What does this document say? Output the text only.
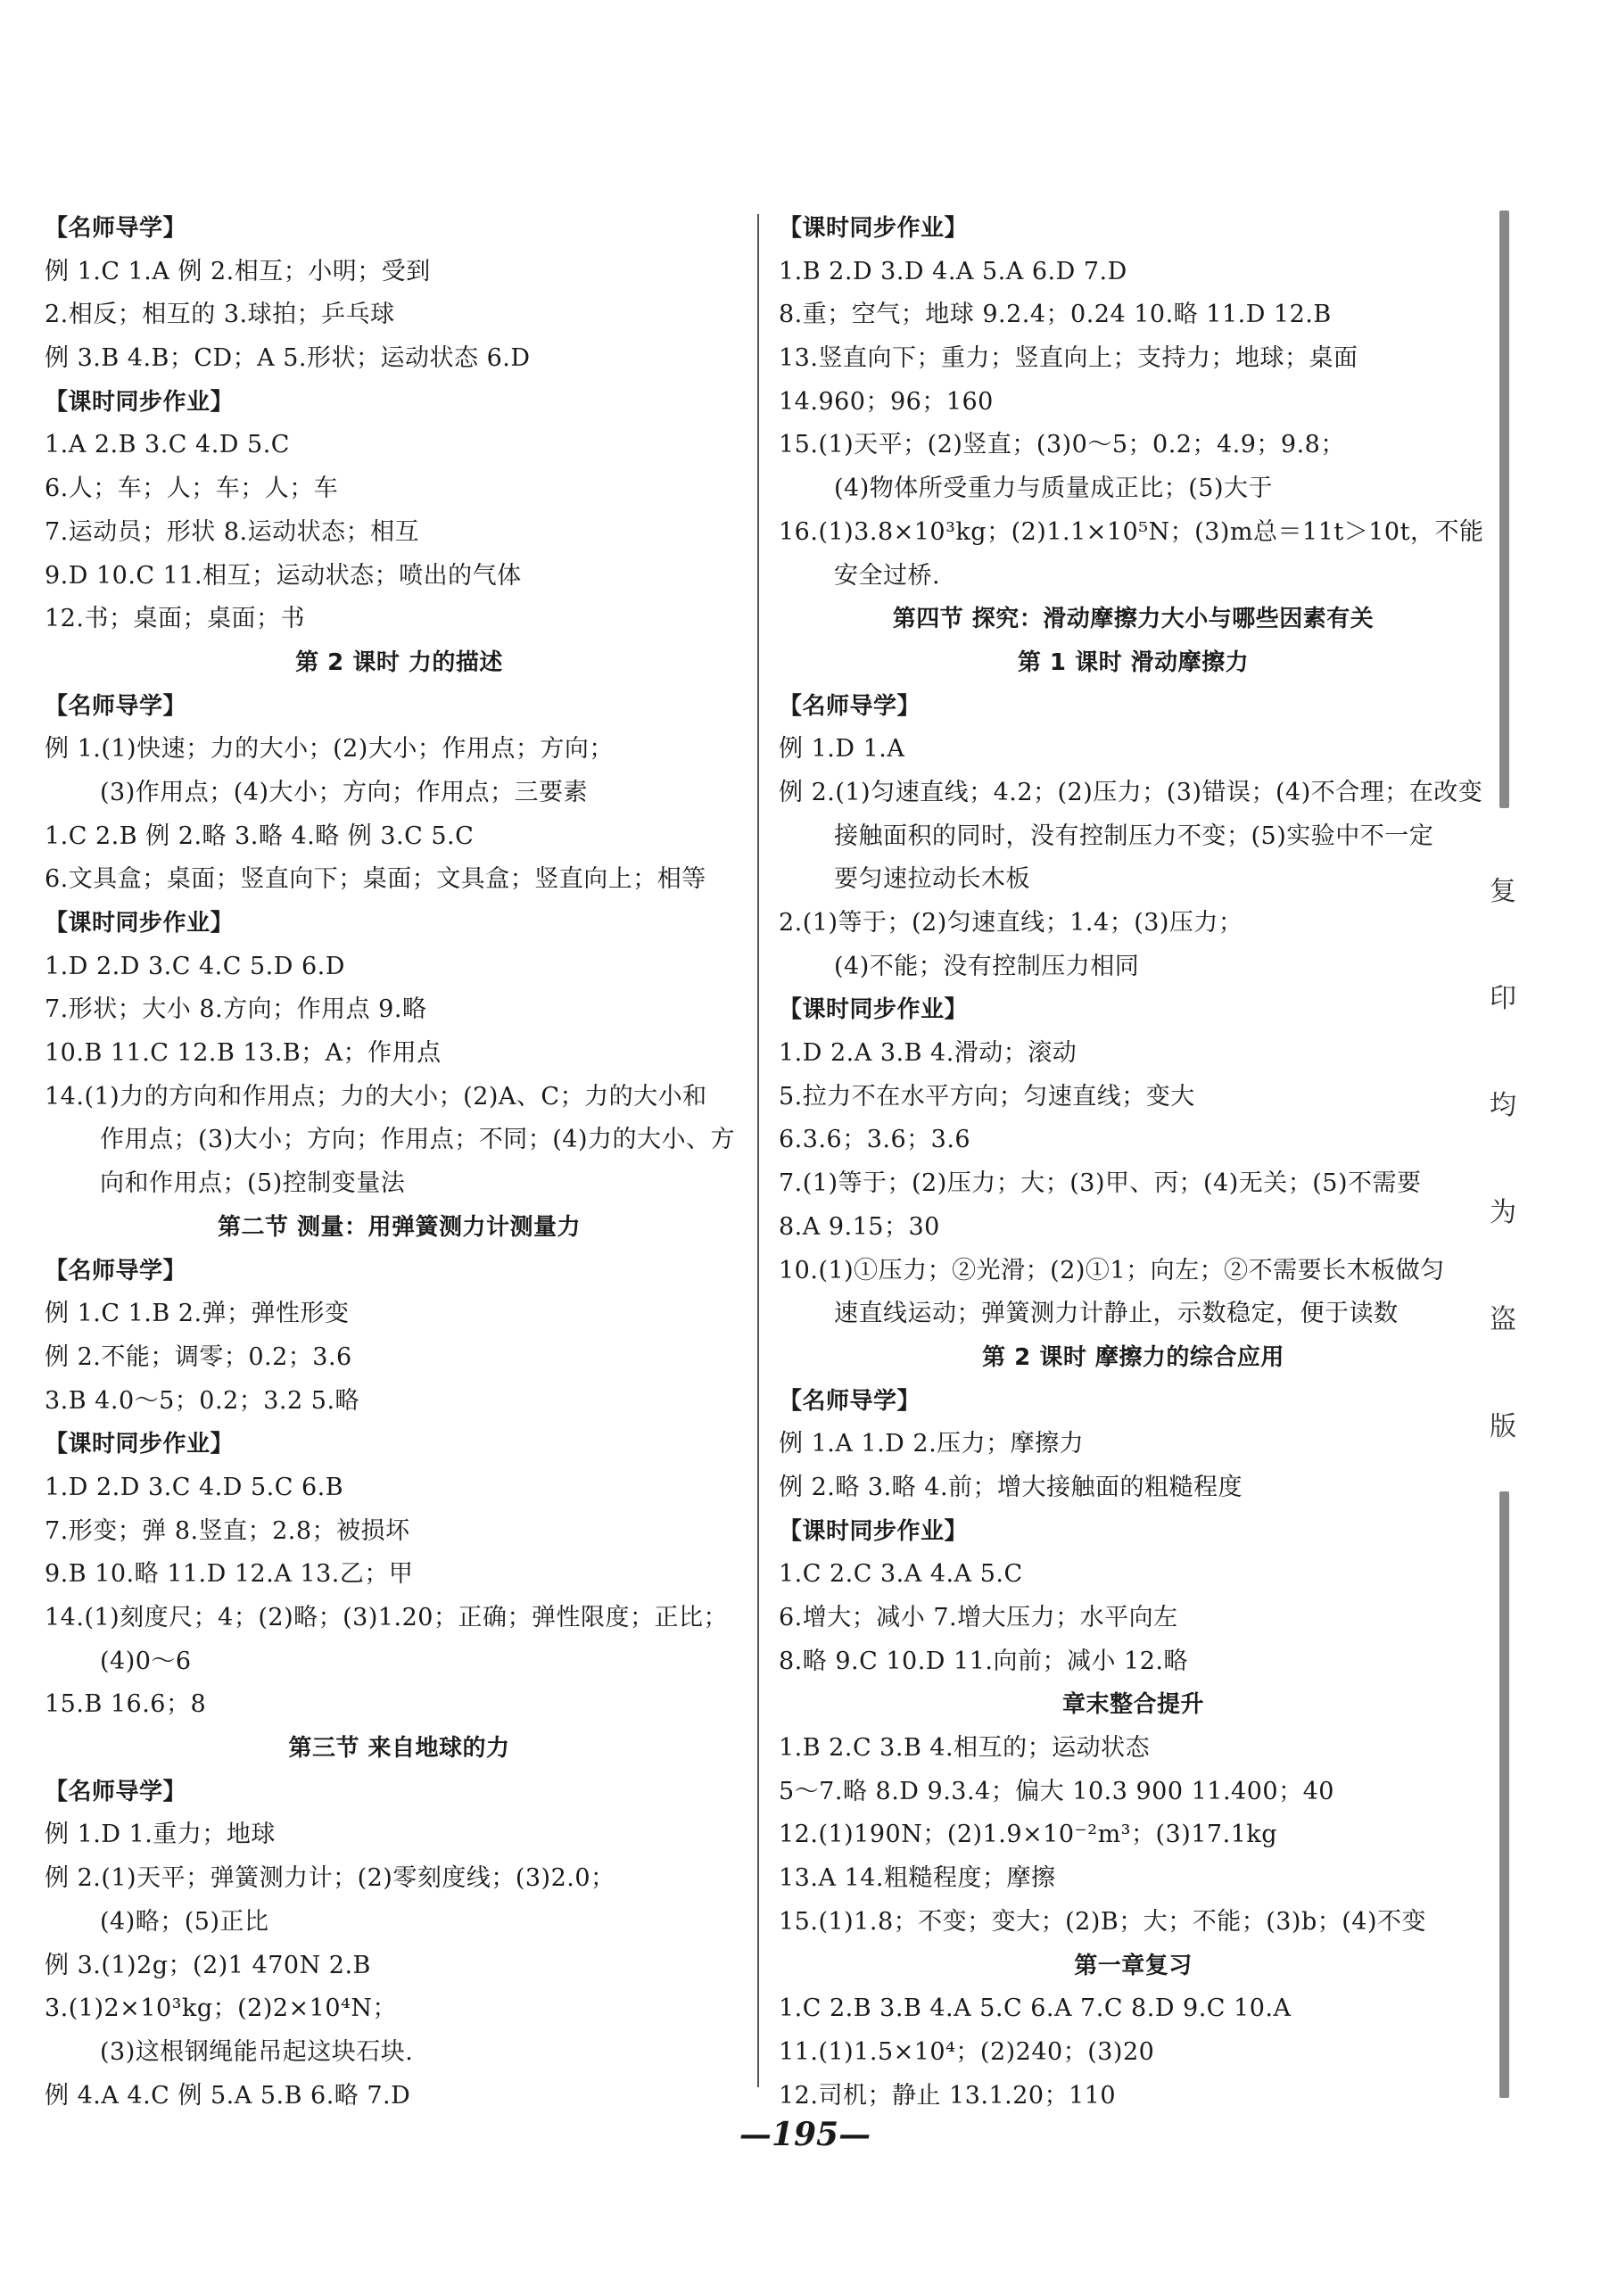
【名师导学】
例 1.C 1.A 例 2.相互；小明；受到
2.相反；相互的 3.球拍；乒乓球
例 3.B 4.B；CD；A 5.形状；运动状态 6.D
【课时同步作业】
1.A 2.B 3.C 4.D 5.C
6.人；车；人；车；人；车
7.运动员；形状 8.运动状态；相互
9.D 10.C 11.相互；运动状态；喷出的气体
12.书；桌面；桌面；书
第 2 课时 力的描述
【名师导学】
例 1.(1)快速；力的大小；(2)大小；作用点；方向；
(3)作用点；(4)大小；方向；作用点；三要素
1.C 2.B 例 2.略 3.略 4.略 例 3.C 5.C
6.文具盒；桌面；竖直向下；桌面；文具盒；竖直向上；相等
【课时同步作业】
1.D 2.D 3.C 4.C 5.D 6.D
7.形状；大小 8.方向；作用点 9.略
10.B 11.C 12.B 13.B；A；作用点
14.(1)力的方向和作用点；力的大小；(2)A、C；力的大小和
作用点；(3)大小；方向；作用点；不同；(4)力的大小、方
向和作用点；(5)控制变量法
第二节 测量：用弹簧测力计测量力
【名师导学】
例 1.C 1.B 2.弹；弹性形变
例 2.不能；调零；0.2；3.6
3.B 4.0～5；0.2；3.2 5.略
【课时同步作业】
1.D 2.D 3.C 4.D 5.C 6.B
7.形变；弹 8.竖直；2.8；被损坏
9.B 10.略 11.D 12.A 13.乙；甲
14.(1)刻度尺；4；(2)略；(3)1.20；正确；弹性限度；正比；
(4)0～6
15.B 16.6；8
第三节 来自地球的力
【名师导学】
例 1.D 1.重力；地球
例 2.(1)天平；弹簧测力计；(2)零刻度线；(3)2.0；
(4)略；(5)正比
例 3.(1)2g；(2)1 470N 2.B
3.(1)2×10³kg；(2)2×10⁴N；
(3)这根钢绳能吊起这块石块.
例 4.A 4.C 例 5.A 5.B 6.略 7.D
【课时同步作业】
1.B 2.D 3.D 4.A 5.A 6.D 7.D
8.重；空气；地球 9.2.4；0.24 10.略 11.D 12.B
13.竖直向下；重力；竖直向上；支持力；地球；桌面
14.960；96；160
15.(1)天平；(2)竖直；(3)0～5；0.2；4.9；9.8；
(4)物体所受重力与质量成正比；(5)大于
16.(1)3.8×10³kg；(2)1.1×10⁵N；(3)m总＝11t＞10t，不能
安全过桥.
第四节 探究：滑动摩擦力大小与哪些因素有关
第 1 课时 滑动摩擦力
【名师导学】
例 1.D 1.A
例 2.(1)匀速直线；4.2；(2)压力；(3)错误；(4)不合理；在改变
接触面积的同时，没有控制压力不变；(5)实验中不一定
要匀速拉动长木板
2.(1)等于；(2)匀速直线；1.4；(3)压力；
(4)不能；没有控制压力相同
【课时同步作业】
1.D 2.A 3.B 4.滑动；滚动
5.拉力不在水平方向；匀速直线；变大
6.3.6；3.6；3.6
7.(1)等于；(2)压力；大；(3)甲、丙；(4)无关；(5)不需要
8.A 9.15；30
10.(1)①压力；②光滑；(2)①1；向左；②不需要长木板做匀
速直线运动；弹簧测力计静止，示数稳定，便于读数
第 2 课时 摩擦力的综合应用
【名师导学】
例 1.A 1.D 2.压力；摩擦力
例 2.略 3.略 4.前；增大接触面的粗糙程度
【课时同步作业】
1.C 2.C 3.A 4.A 5.C
6.增大；减小 7.增大压力；水平向左
8.略 9.C 10.D 11.向前；减小 12.略
章末整合提升
1.B 2.C 3.B 4.相互的；运动状态
5～7.略 8.D 9.3.4；偏大 10.3 900 11.400；40
12.(1)190N；(2)1.9×10⁻²m³；(3)17.1kg
13.A 14.粗糙程度；摩擦
15.(1)1.8；不变；变大；(2)B；大；不能；(3)b；(4)不变
第一章复习
1.C 2.B 3.B 4.A 5.C 6.A 7.C 8.D 9.C 10.A
11.(1)1.5×10⁴；(2)240；(3)20
12.司机；静止 13.1.20；110
复
印
均
为
盗
版
—195—
